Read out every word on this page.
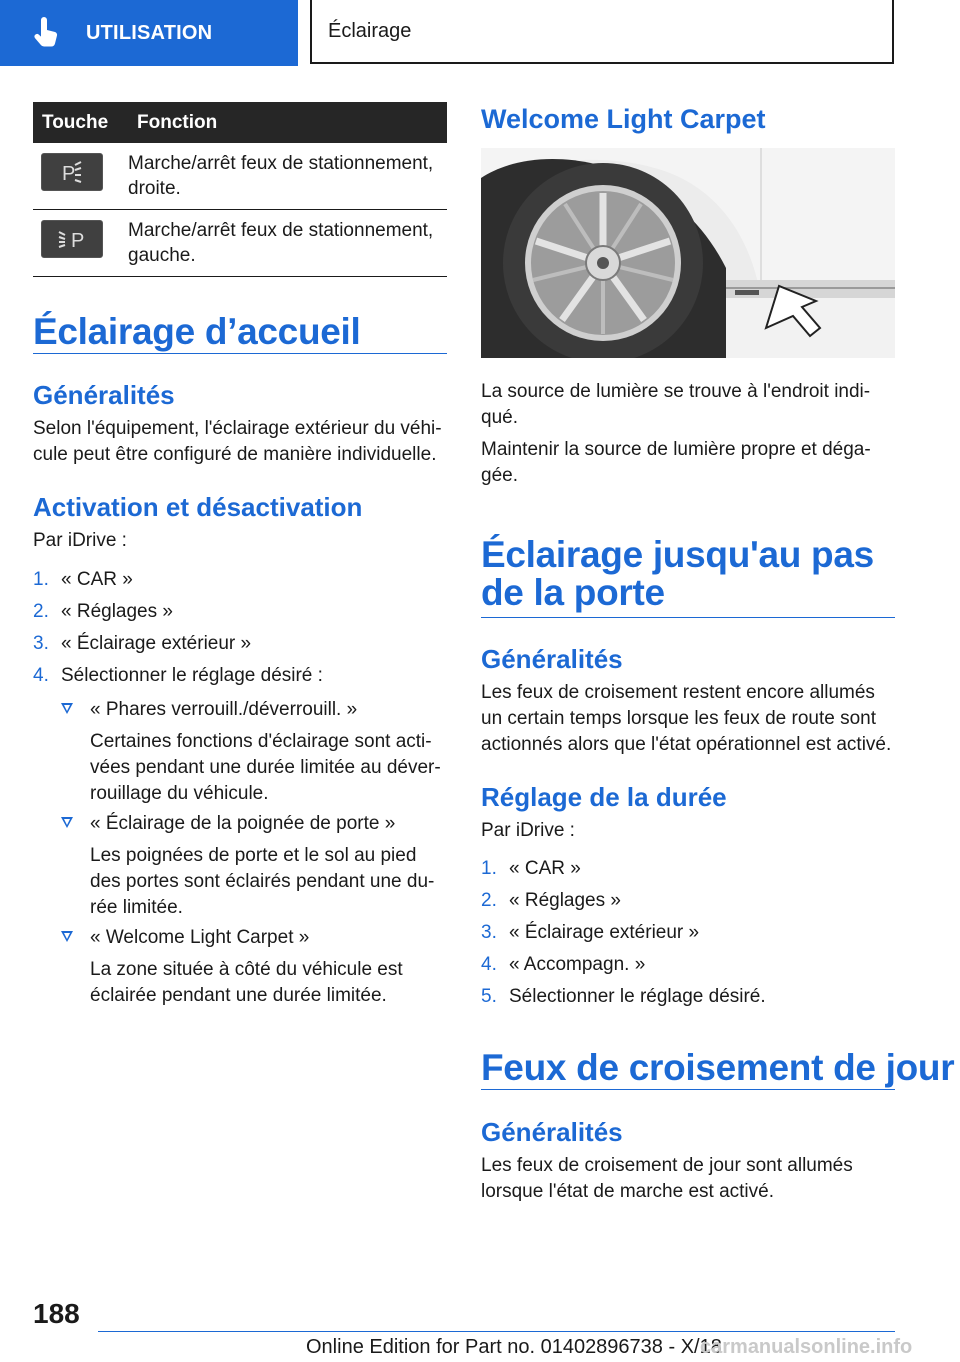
UTILISATION	Éclairage
Touche	Fonction

P	Marche/arrêt feux de stationnement, droite.

P	Marche/arrêt feux de stationnement, gauche.
Éclairage d’accueil
Généralités

Selon l'équipement, l'éclairage extérieur du véhi-cule peut être configuré de manière individuelle.

Activation et désactivation

Par iDrive :

1. « CAR »
2. « Réglages »
3. « Éclairage extérieur »
4. Sélectionner le réglage désiré :
« Phares verrouill./déverrouill. »
Certaines fonctions d'éclairage sont acti-vées pendant une durée limitée au déver-rouillage du véhicule.
« Éclairage de la poignée de porte »
Les poignées de porte et le sol au pied des portes sont éclairés pendant une du-rée limitée.
« Welcome Light Carpet »
La zone située à côté du véhicule est éclairée pendant une durée limitée.
Welcome Light Carpet

La source de lumière se trouve à l'endroit indi-qué.

Maintenir la source de lumière propre et déga-gée.

Éclairage jusqu'au pas de la porte
Généralités

Les feux de croisement restent encore allumés un certain temps lorsque les feux de route sont actionnés alors que l'état opérationnel est activé.

Réglage de la durée

Par iDrive :

1. « CAR »
2. « Réglages »
3. « Éclairage extérieur »
4. « Accompagn. »
5. Sélectionner le réglage désiré.
Feux de croisement de jour
Généralités

Les feux de croisement de jour sont allumés lorsque l'état de marche est activé.

188
Online Edition for Part no. 01402896738 - X/18
carmanualsonline.info
